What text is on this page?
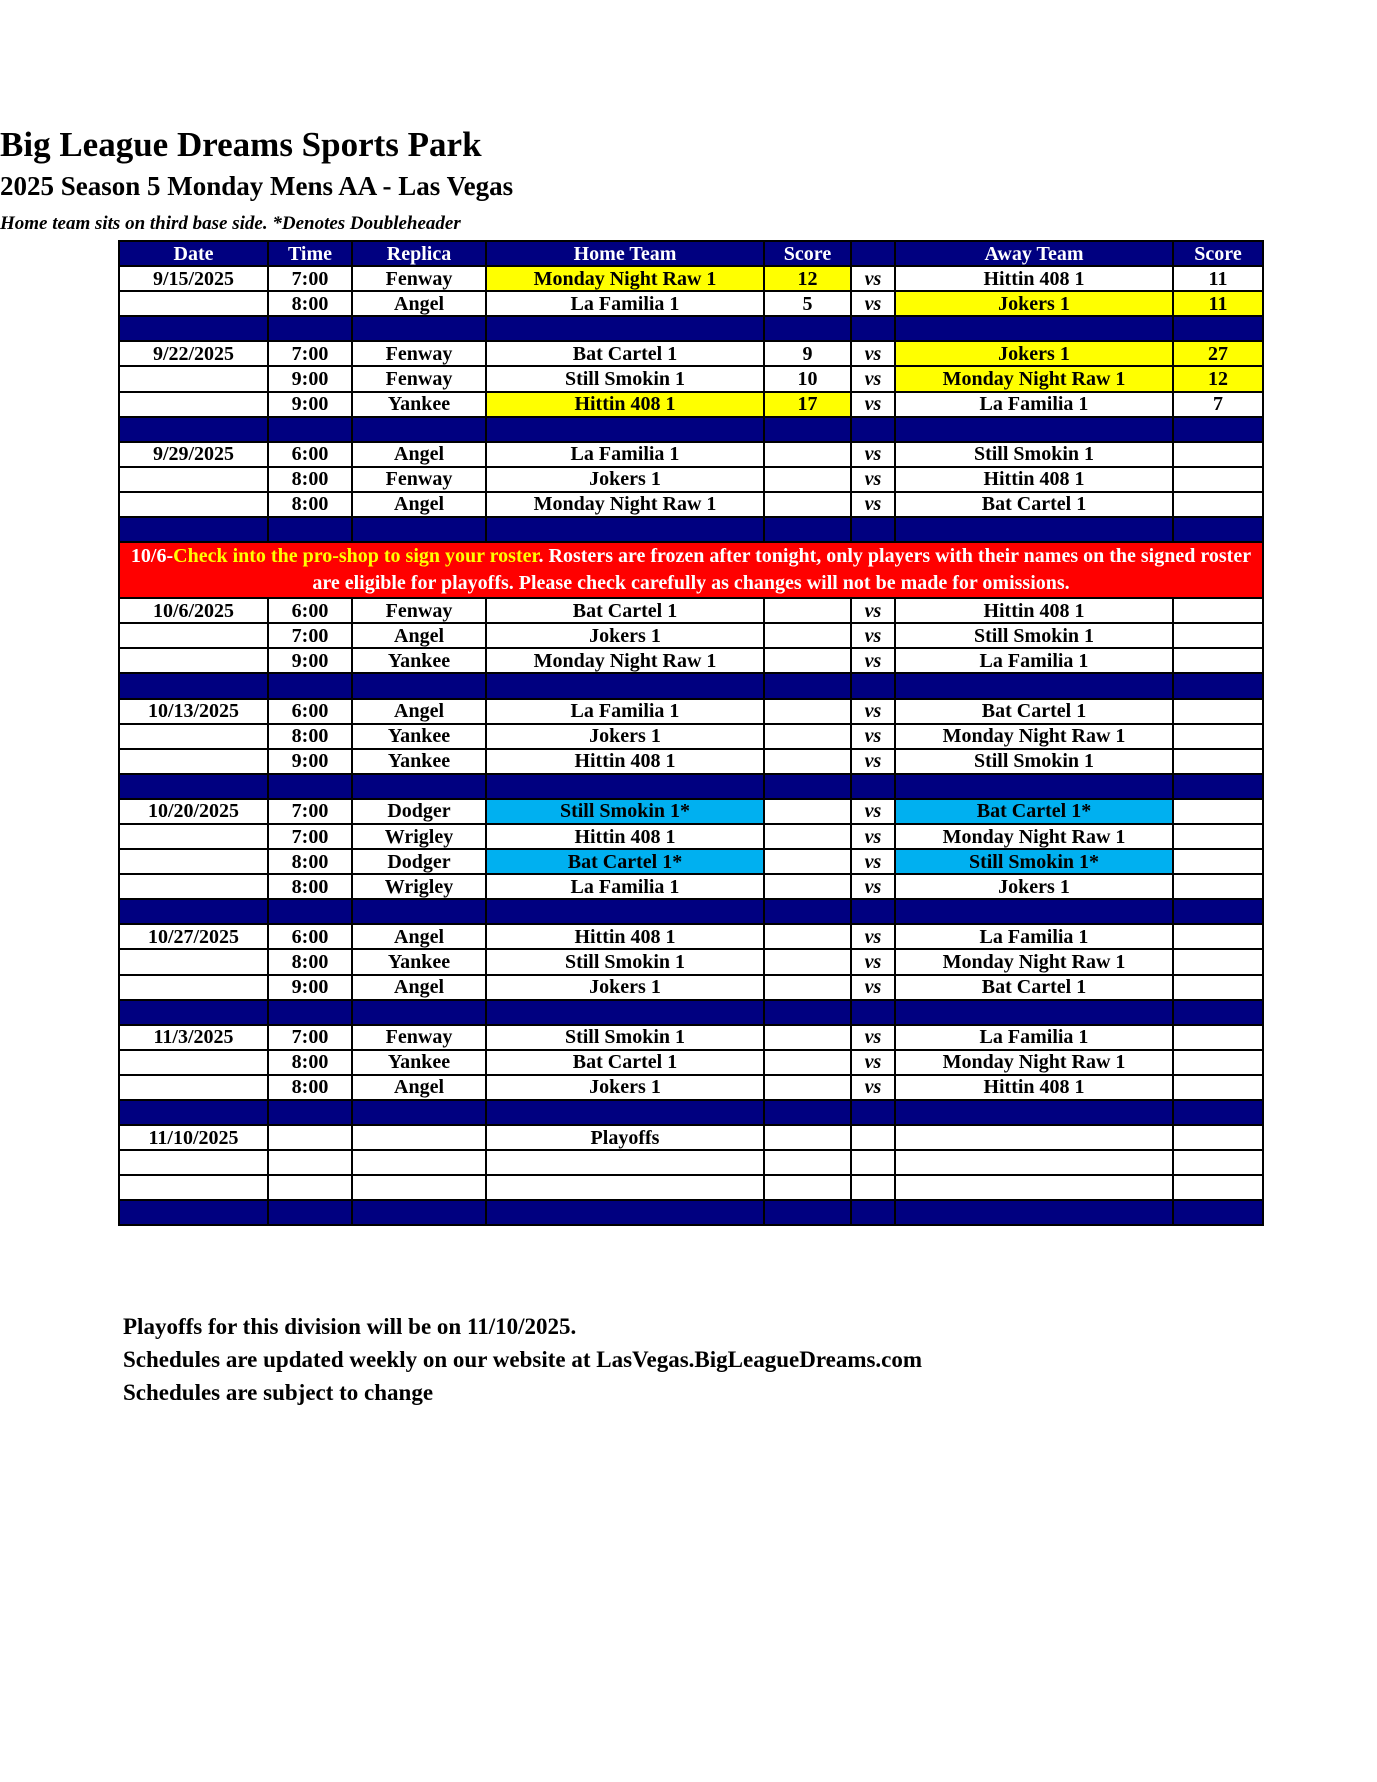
Big League Dreams Sports Park
2025 Season 5 Monday Mens AA - Las Vegas
Home team sits on third base side. *Denotes Doubleheader
Date	Time	Replica	Home Team	Score		Away Team	Score
9/15/2025	7:00	Fenway	Monday Night Raw 1	12	vs	Hittin 408 1	11
	8:00	Angel	La Familia 1	5	vs	Jokers 1	11

9/22/2025	7:00	Fenway	Bat Cartel 1	9	vs	Jokers 1	27
	9:00	Fenway	Still Smokin 1	10	vs	Monday Night Raw 1	12
	9:00	Yankee	Hittin 408 1	17	vs	La Familia 1	7

9/29/2025	6:00	Angel	La Familia 1		vs	Still Smokin 1	
	8:00	Fenway	Jokers 1		vs	Hittin 408 1	
	8:00	Angel	Monday Night Raw 1		vs	Bat Cartel 1	

10/6-Check into the pro-shop to sign your roster. Rosters are frozen after tonight, only players with their names on the signed roster are eligible for playoffs. Please check carefully as changes will not be made for omissions.							
10/6/2025	6:00	Fenway	Bat Cartel 1		vs	Hittin 408 1	
	7:00	Angel	Jokers 1		vs	Still Smokin 1	
	9:00	Yankee	Monday Night Raw 1		vs	La Familia 1	

10/13/2025	6:00	Angel	La Familia 1		vs	Bat Cartel 1	
	8:00	Yankee	Jokers 1		vs	Monday Night Raw 1	
	9:00	Yankee	Hittin 408 1		vs	Still Smokin 1	

10/20/2025	7:00	Dodger	Still Smokin 1*		vs	Bat Cartel 1*	
	7:00	Wrigley	Hittin 408 1		vs	Monday Night Raw 1	
	8:00	Dodger	Bat Cartel 1*		vs	Still Smokin 1*	
	8:00	Wrigley	La Familia 1		vs	Jokers 1	

10/27/2025	6:00	Angel	Hittin 408 1		vs	La Familia 1	
	8:00	Yankee	Still Smokin 1		vs	Monday Night Raw 1	
	9:00	Angel	Jokers 1		vs	Bat Cartel 1	

11/3/2025	7:00	Fenway	Still Smokin 1		vs	La Familia 1	
	8:00	Yankee	Bat Cartel 1		vs	Monday Night Raw 1	
	8:00	Angel	Jokers 1		vs	Hittin 408 1	

11/10/2025			Playoffs				

Playoffs for this division will be on 11/10/2025.
Schedules are updated weekly on our website at LasVegas.BigLeagueDreams.com
Schedules are subject to change
